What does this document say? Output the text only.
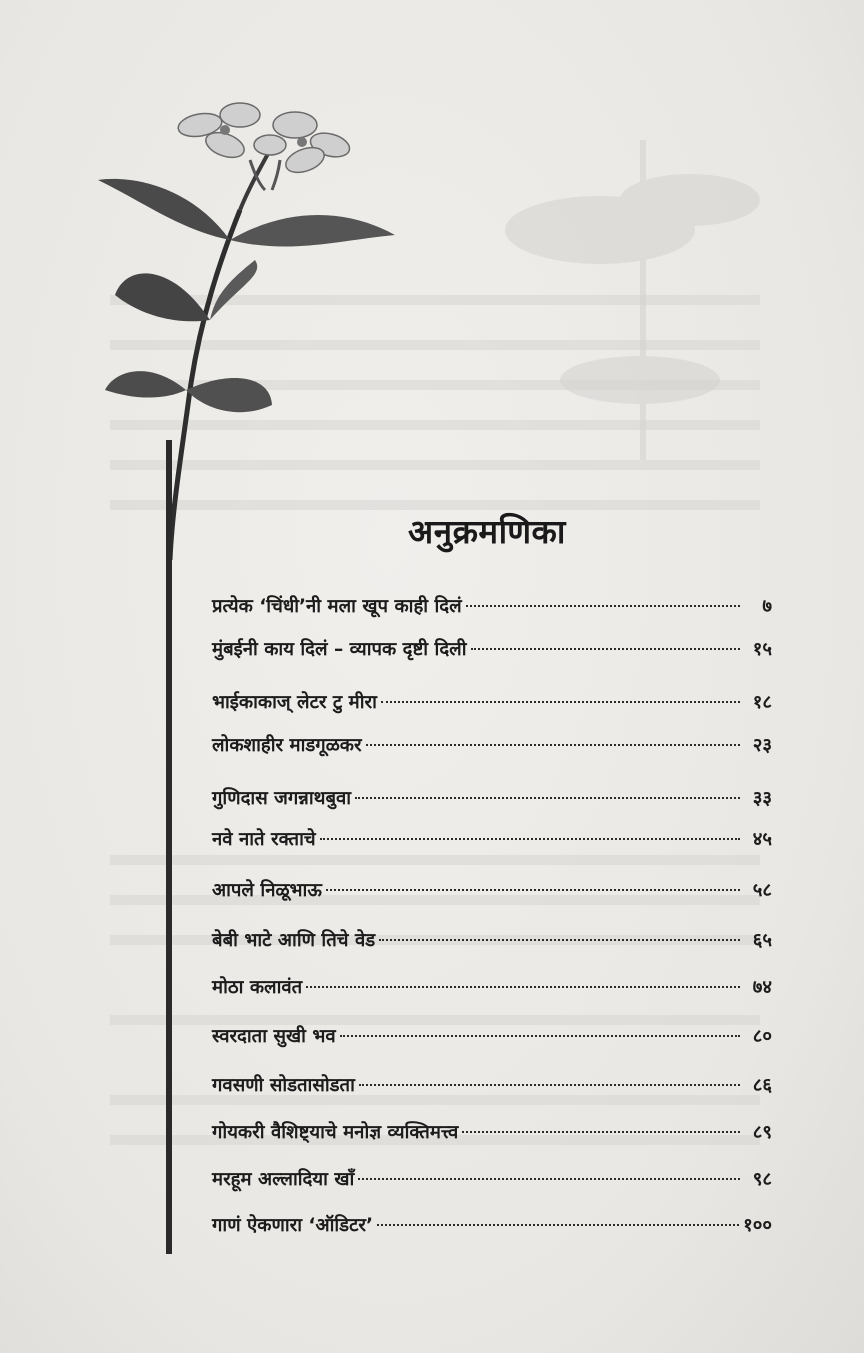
अनुक्रमणिका
प्रत्येक ‘चिंधी’नी मला खूप काही दिलं	७
मुंबईनी काय दिलं – व्यापक दृष्टी दिली	१५
भाईकाकाज् लेटर टु मीरा	१८
लोकशाहीर माडगूळकर	२३
गुणिदास जगन्नाथबुवा	३३
नवे नाते रक्ताचे	४५
आपले निळूभाऊ	५८
बेबी भाटे आणि तिचे वेड	६५
मोठा कलावंत	७४
स्वरदाता सुखी भव	८०
गवसणी सोडतासोडता	८६
गोयकरी वैशिष्ट्याचे मनोज्ञ व्यक्तिमत्त्व	८९
मरहूम अल्लादिया खाँ	९८
गाणं ऐकणारा ‘ऑडिटर’	१००
